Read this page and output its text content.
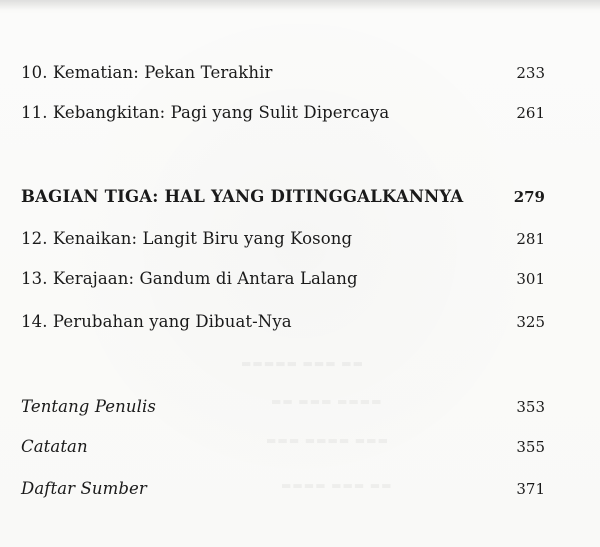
10. Kematian: Pekan Terakhir	233
11. Kebangkitan: Pagi yang Sulit Dipercaya	261
BAGIAN TIGA: HAL YANG DITINGGALKANNYA	279
12. Kenaikan: Langit Biru yang Kosong	281
13. Kerajaan: Gandum di Antara Lalang	301
14. Perubahan yang Dibuat-Nya	325
Tentang Penulis	353
Catatan	355
Daftar Sumber	371
